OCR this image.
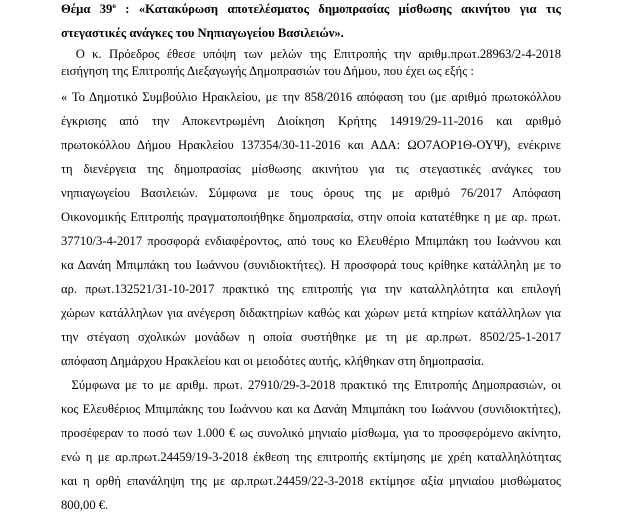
Θέμα $39^o$ : «Κατακύρωση αποτελέσματος δημοπρασίας μίσθωσης ακινήτου για τις
στεγαστικές ανάγκες του Νηπιαγωγείου Βασιλειών».
Ο κ. Πρόεδρος έθεσε υπόψη των μελών της Επιτροπής την αριθμ.πρωτ.28963/2-4-2018
εισήγηση της Επιτροπής Διεξαγωγής Δημοπρασιών του Δήμου, που έχει ως εξής :
« Το Δημοτικό Συμβούλιο Ηρακλείου, με την 858/2016 απόφαση του (με αριθμό πρωτοκόλλου
έγκρισης από την Αποκεντρωμένη Διοίκηση Κρήτης 14919/29-11-2016 και αριθμό
πρωτοκόλλου Δήμου Ηρακλείου 137354/30-11-2016 και ΑΔΑ: ΩΟ7ΑΟΡ1Θ-ΟΥΨ), ενέκρινε
τη διενέργεια της δημοπρασίας μίσθωσης ακινήτου για τις στεγαστικές ανάγκες του
νηπιαγωγείου Βασιλειών. Σύμφωνα με τους όρους της με αριθμό 76/2017 Απόφαση
Οικονομικής Επιτροπής πραγματοποιήθηκε δημοπρασία, στην οποία κατατέθηκε η με αρ. πρωτ.
37710/3-4-2017 προσφορά ενδιαφέροντος, από τους κο Ελευθέριο Μπιμπάκη του Ιωάννου και
κα Δανάη Μπιμπάκη του Ιωάννου (συνιδιοκτήτες). Η προσφορά τους κρίθηκε κατάλληλη με το
αρ. πρωτ.132521/31-10-2017 πρακτικό της επιτροπής για την καταλληλότητα και επιλογή
χώρων κατάλληλων για ανέγερση διδακτηρίων καθώς και χώρων μετά κτηρίων κατάλληλων για
την στέγαση σχολικών μονάδων η οποία συστήθηκε με τη με αρ.πρωτ. 8502/25-1-2017
απόφαση Δημάρχου Ηρακλείου και οι μειοδότες αυτής, κλήθηκαν στη δημοπρασία.
Σύμφωνα με το με αριθμ. πρωτ. 27910/29-3-2018 πρακτικό της Επιτροπής Δημοπρασιών, οι
κος Ελευθέριος Μπιμπάκης του Ιωάννου και κα Δανάη Μπιμπάκη του Ιωάννου (συνιδιοκτήτες),
προσέφεραν το ποσό των 1.000 € ως συνολικό μηνιαίο μίσθωμα, για το προσφερόμενο ακίνητο,
ενώ η με αρ.πρωτ.24459/19-3-2018 έκθεση της επιτροπής εκτίμησης με χρέη καταλληλότητας
και η ορθή επανάληψη της με αρ.πρωτ.24459/22-3-2018 εκτίμησε αξία μηνιαίου μισθώματος
800,00 €.
